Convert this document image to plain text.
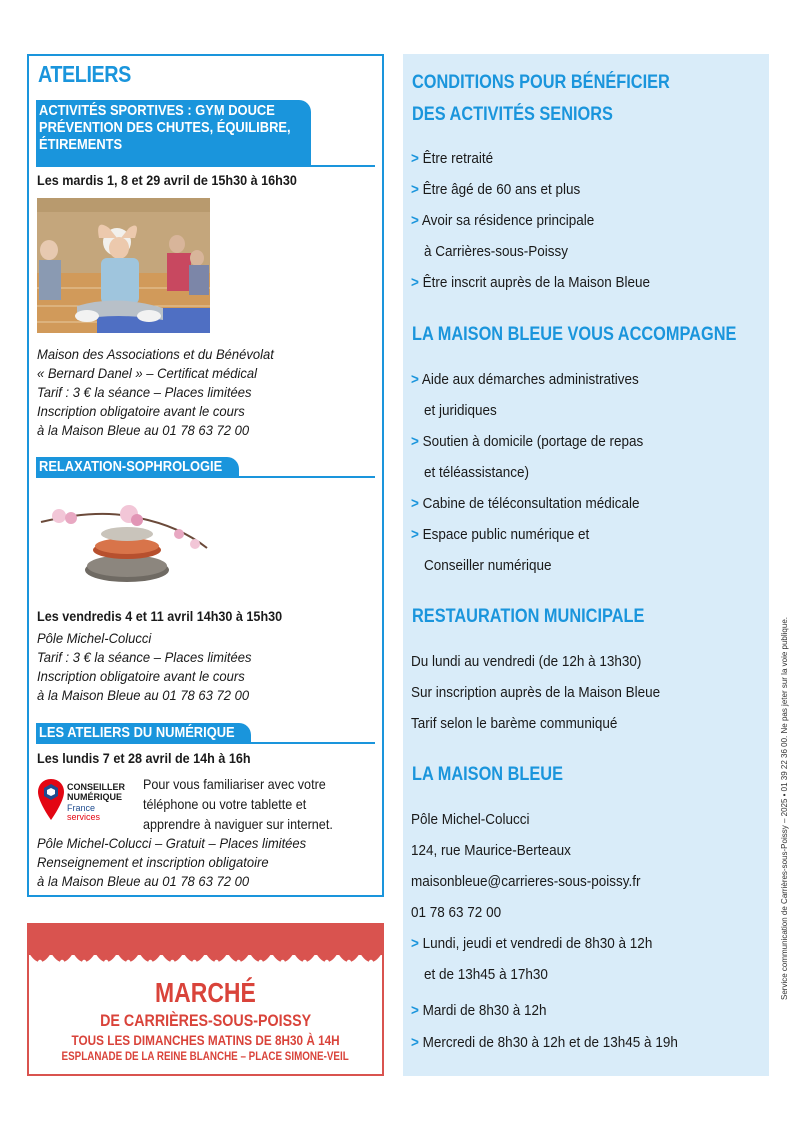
ATELIERS
ACTIVITÉS SPORTIVES : GYM DOUCE
PRÉVENTION DES CHUTES, ÉQUILIBRE,
ÉTIREMENTS
Les mardis 1, 8 et 29 avril de 15h30 à 16h30
Maison des Associations et du Bénévolat
« Bernard Danel » – Certificat médical
Tarif : 3 € la séance – Places limitées
Inscription obligatoire avant le cours
à la Maison Bleue au 01 78 63 72 00
RELAXATION-SOPHROLOGIE
Les vendredis 4 et 11 avril 14h30 à 15h30
Pôle Michel-Colucci
Tarif : 3 € la séance – Places limitées
Inscription obligatoire avant le cours
à la Maison Bleue au 01 78 63 72 00
LES ATELIERS DU NUMÉRIQUE
Les lundis 7 et 28 avril de 14h à 16h
CONSEILLER
NUMÉRIQUE
France
services
Pour vous familiariser avec votre
téléphone ou votre tablette et
apprendre à naviguer sur internet.
Pôle Michel-Colucci – Gratuit – Places limitées
Renseignement et inscription obligatoire
à la Maison Bleue au 01 78 63 72 00
MARCHÉ
DE CARRIÈRES-SOUS-POISSY
TOUS LES DIMANCHES MATINS DE 8H30 À 14H
ESPLANADE DE LA REINE BLANCHE – PLACE SIMONE-VEIL
CONDITIONS POUR BÉNÉFICIER
DES ACTIVITÉS SENIORS
> Être retraité
> Être âgé de 60 ans et plus
> Avoir sa résidence principale
à Carrières-sous-Poissy
> Être inscrit auprès de la Maison Bleue
LA MAISON BLEUE VOUS ACCOMPAGNE
> Aide aux démarches administratives
et juridiques
> Soutien à domicile (portage de repas
et téléassistance)
> Cabine de téléconsultation médicale
> Espace public numérique et
Conseiller numérique
RESTAURATION MUNICIPALE
Du lundi au vendredi (de 12h à 13h30)
Sur inscription auprès de la Maison Bleue
Tarif selon le barème communiqué
LA MAISON BLEUE
Pôle Michel-Colucci
124, rue Maurice-Berteaux
maisonbleue@carrieres-sous-poissy.fr
01 78 63 72 00
> Lundi, jeudi et vendredi de 8h30 à 12h
et de 13h45 à 17h30
> Mardi de 8h30 à 12h
> Mercredi de 8h30 à 12h et de 13h45 à 19h
Service communication de Carrières-sous-Poissy – 2025 • 01 39 22 36 00. Ne pas jeter sur la voie publique.
